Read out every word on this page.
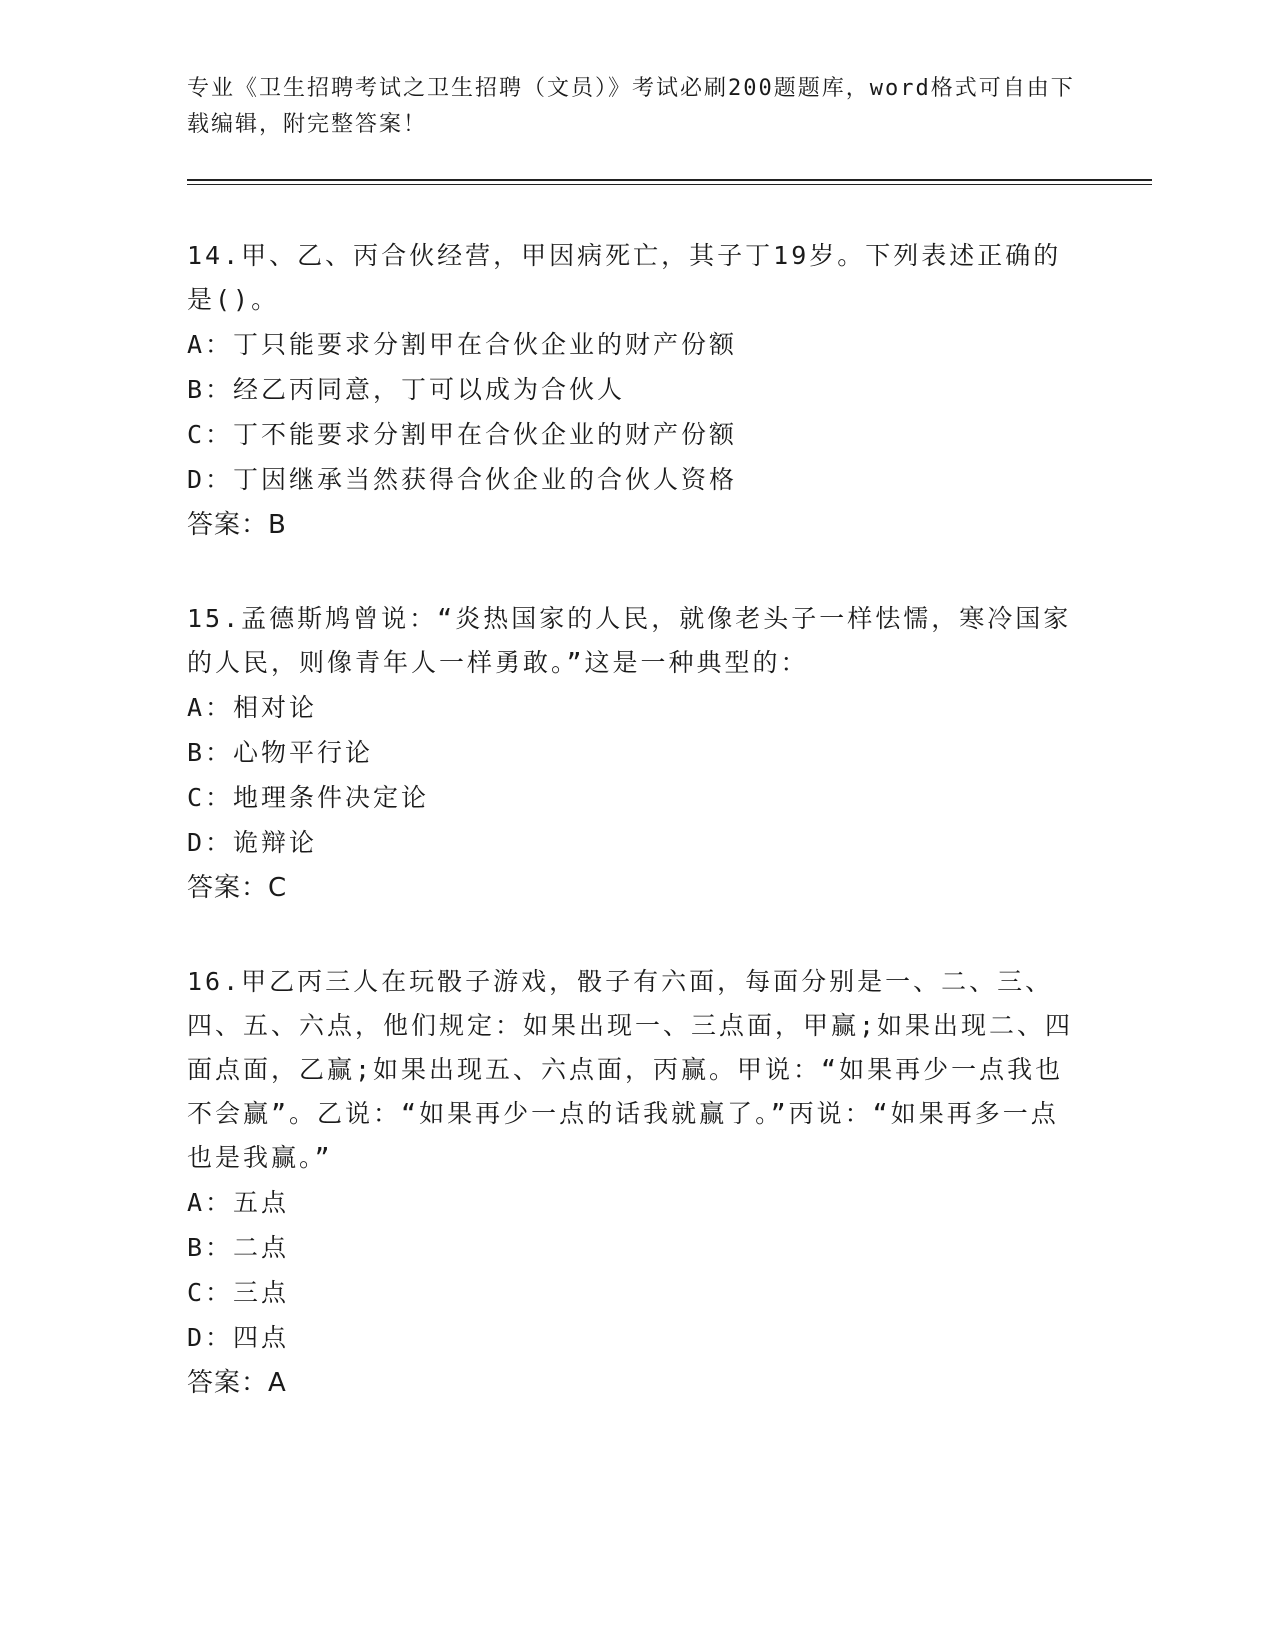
专业《卫生招聘考试之卫生招聘（文员）》考试必刷200题题库，word格式可自由下载编辑，附完整答案！
14.甲、乙、丙合伙经营，甲因病死亡，其子丁19岁。下列表述正确的是()。
A：丁只能要求分割甲在合伙企业的财产份额
B：经乙丙同意，丁可以成为合伙人
C：丁不能要求分割甲在合伙企业的财产份额
D：丁因继承当然获得合伙企业的合伙人资格
答案：B
15.孟德斯鸠曾说：“炎热国家的人民，就像老头子一样怯懦，寒冷国家的人民，则像青年人一样勇敢。”这是一种典型的：
A：相对论
B：心物平行论
C：地理条件决定论
D：诡辩论
答案：C
16.甲乙丙三人在玩骰子游戏，骰子有六面，每面分别是一、二、三、四、五、六点，他们规定：如果出现一、三点面，甲赢;如果出现二、四面点面，乙赢;如果出现五、六点面，丙赢。甲说：“如果再少一点我也不会赢”。乙说：“如果再少一点的话我就赢了。”丙说：“如果再多一点也是我赢。”
A：五点
B：二点
C：三点
D：四点
答案：A
